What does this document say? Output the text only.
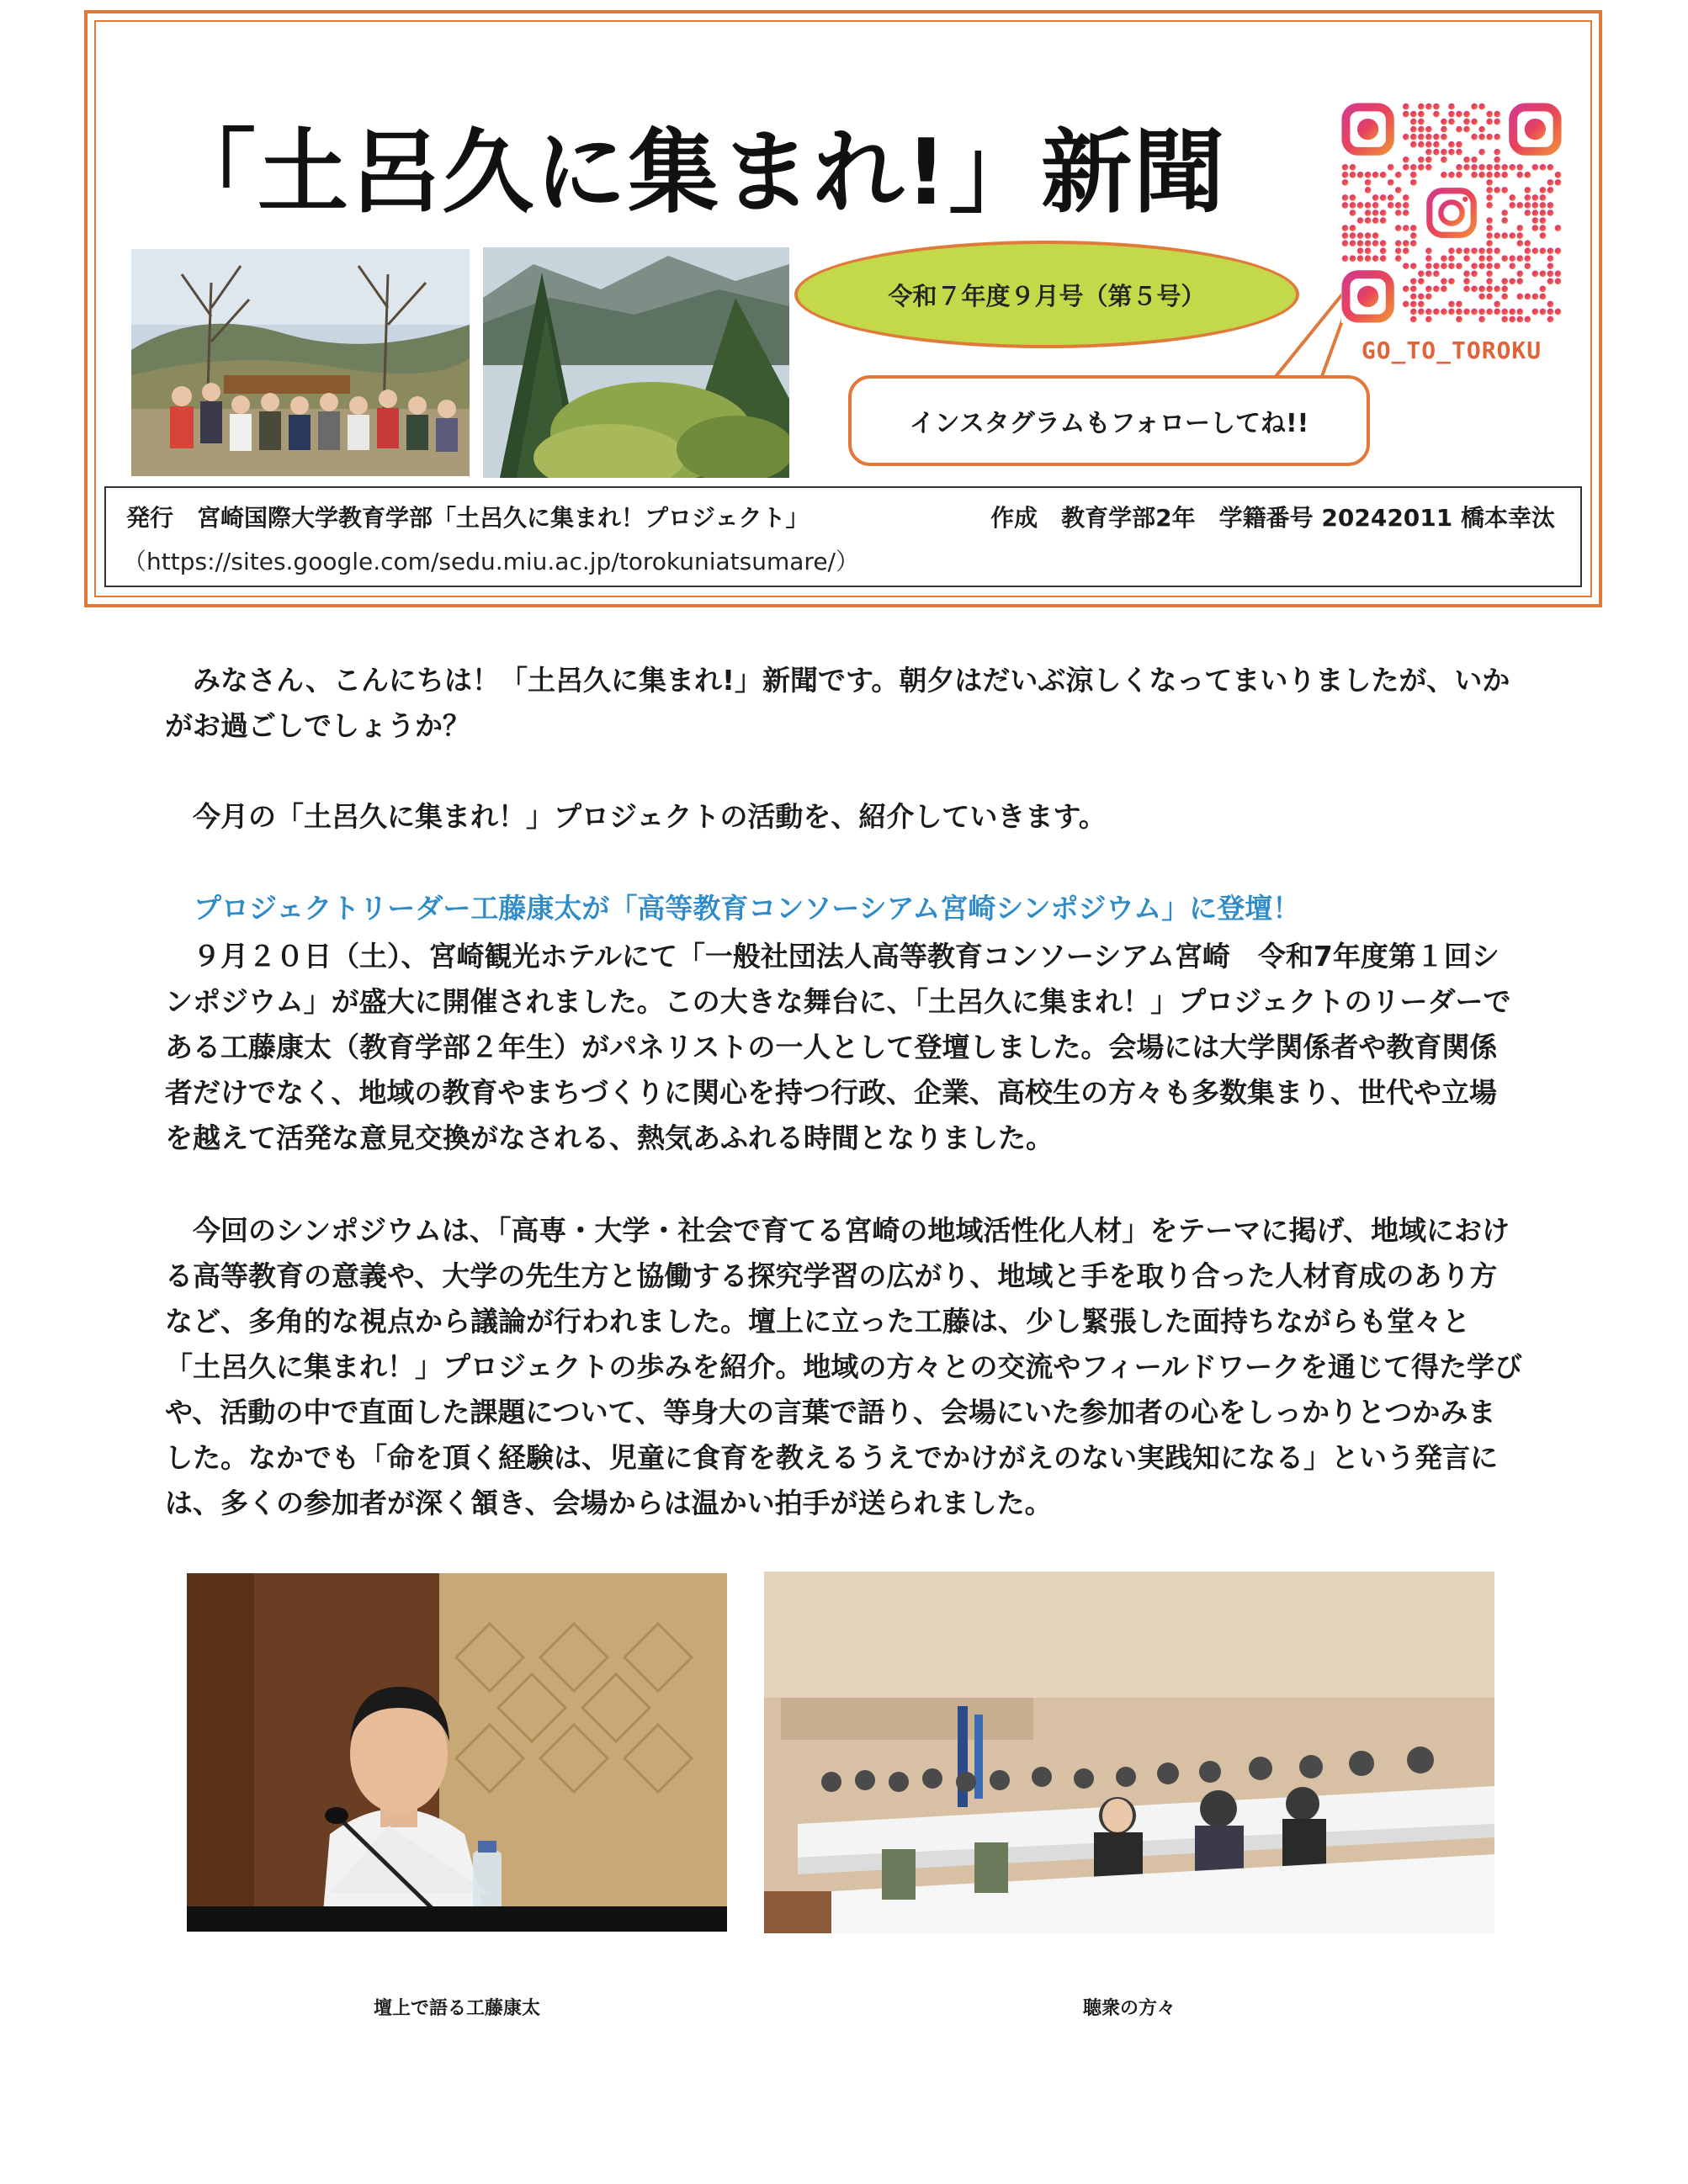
「土呂久に集まれ!」新聞
令和７年度９月号（第５号）
インスタグラムもフォローしてね!!
GO_TO_TOROKU
発行　宮崎国際大学教育学部「土呂久に集まれ！プロジェクト」	作成　教育学部2年　学籍番号 20242011 橋本幸汰
（https://sites.google.com/sedu.miu.ac.jp/torokuniatsumare/）

みなさん、こんにちは！「土呂久に集まれ!」新聞です。朝夕はだいぶ涼しくなってまいりましたが、いかがお過ごしでしょうか？

今月の「土呂久に集まれ！」プロジェクトの活動を、紹介していきます。

プロジェクトリーダー工藤康太が「高等教育コンソーシアム宮崎シンポジウム」に登壇！

９月２０日（土）、宮崎観光ホテルにて「一般社団法人高等教育コンソーシアム宮崎　令和7年度第１回シンポジウム」が盛大に開催されました。この大きな舞台に、「土呂久に集まれ！」プロジェクトのリーダーである工藤康太（教育学部２年生）がパネリストの一人として登壇しました。会場には大学関係者や教育関係者だけでなく、地域の教育やまちづくりに関心を持つ行政、企業、高校生の方々も多数集まり、世代や立場を越えて活発な意見交換がなされる、熱気あふれる時間となりました。

今回のシンポジウムは、「高専・大学・社会で育てる宮崎の地域活性化人材」をテーマに掲げ、地域における高等教育の意義や、大学の先生方と協働する探究学習の広がり、地域と手を取り合った人材育成のあり方など、多角的な視点から議論が行われました。壇上に立った工藤は、少し緊張した面持ちながらも堂々と「土呂久に集まれ！」プロジェクトの歩みを紹介。地域の方々との交流やフィールドワークを通じて得た学びや、活動の中で直面した課題について、等身大の言葉で語り、会場にいた参加者の心をしっかりとつかみました。なかでも「命を頂く経験は、児童に食育を教えるうえでかけがえのない実践知になる」という発言には、多くの参加者が深く頷き、会場からは温かい拍手が送られました。

壇上で語る工藤康太	聴衆の方々
